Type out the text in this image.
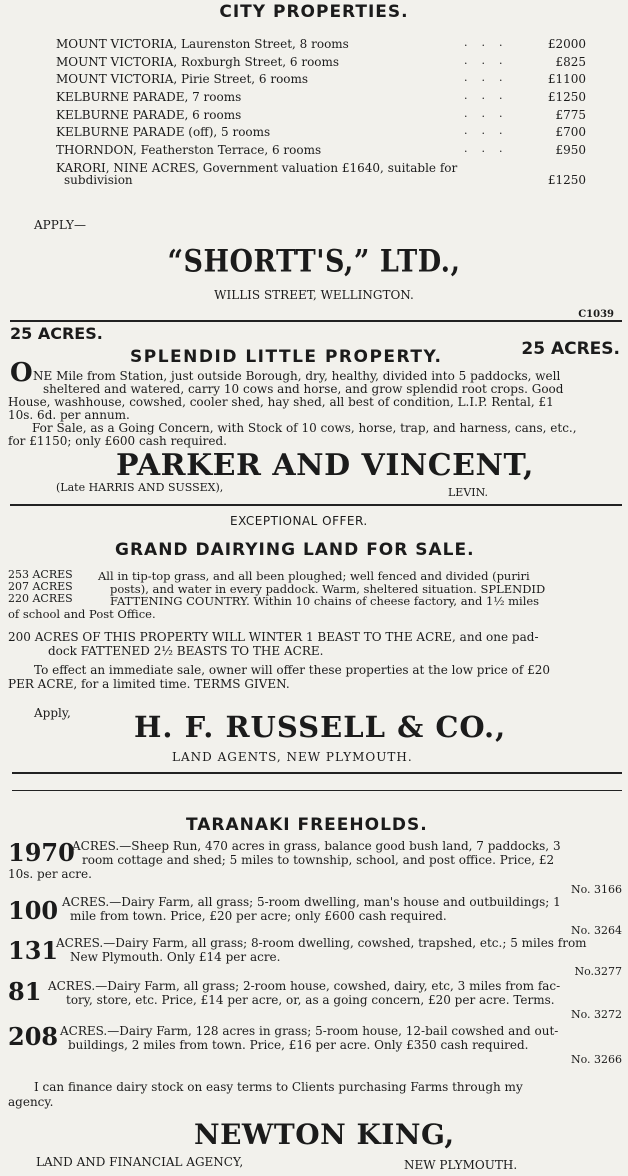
CITY PROPERTIES.
MOUNT VICTORIA, Laurenston Street, 8 rooms	...	£2000
MOUNT VICTORIA, Roxburgh Street, 6 rooms	...	£825
MOUNT VICTORIA, Pirie Street, 6 rooms	...	£1100
KELBURNE PARADE, 7 rooms	...	£1250
KELBURNE PARADE, 6 rooms	...	£775
KELBURNE PARADE (off), 5 rooms	...	£700
THORNDON, Featherston Terrace, 6 rooms	...	£950
KARORI, NINE ACRES, Government valuation £1640, suitable for
subdivision	£1250
APPLY—
“SHORTT'S,” LTD.,
WILLIS STREET, WELLINGTON.
C1039
25 ACRES.
25 ACRES.
SPLENDID LITTLE PROPERTY.
O NE Mile from Station, just outside Borough, dry, healthy, divided into 5 paddocks, well
sheltered and watered, carry 10 cows and horse, and grow splendid root crops. Good
House, washhouse, cowshed, cooler shed, hay shed, all best of condition, L.I.P. Rental, £1
10s. 6d. per annum.
For Sale, as a Going Concern, with Stock of 10 cows, horse, trap, and harness, cans, etc.,
for £1150; only £600 cash required.
PARKER AND VINCENT,
(Late HARRIS AND SUSSEX),	LEVIN.
EXCEPTIONAL OFFER.
GRAND DAIRYING LAND FOR SALE.
253 ACRES
207 ACRES
220 ACRES
All in tip-top grass, and all been ploughed; well fenced and divided (puriri
posts), and water in every paddock. Warm, sheltered situation. SPLENDID
FATTENING COUNTRY. Within 10 chains of cheese factory, and 1½ miles
of school and Post Office.
200 ACRES OF THIS PROPERTY WILL WINTER 1 BEAST TO THE ACRE, and one pad-
dock FATTENED 2½ BEASTS TO THE ACRE.
To effect an immediate sale, owner will offer these properties at the low price of £20
PER ACRE, for a limited time. TERMS GIVEN.
Apply, H. F. RUSSELL & CO.,
LAND AGENTS, NEW PLYMOUTH.
TARANAKI FREEHOLDS.
1970
ACRES.—Sheep Run, 470 acres in grass, balance good bush land, 7 paddocks, 3
room cottage and shed; 5 miles to township, school, and post office. Price, £2
10s. per acre.
No. 3166
100 ACRES.—Dairy Farm, all grass; 5-room dwelling, man's house and outbuildings; 1
mile from town. Price, £20 per acre; only £600 cash required.
No. 3264
131
ACRES.—Dairy Farm, all grass; 8-room dwelling, cowshed, trapshed, etc.; 5 miles from
New Plymouth. Only £14 per acre.
No.3277
81 ACRES.—Dairy Farm, all grass; 2-room house, cowshed, dairy, etc, 3 miles from fac-
tory, store, etc. Price, £14 per acre, or, as a going concern, £20 per acre. Terms.
No. 3272
208 ACRES.—Dairy Farm, 128 acres in grass; 5-room house, 12-bail cowshed and out-
buildings, 2 miles from town. Price, £16 per acre. Only £350 cash required.
No. 3266
I can finance dairy stock on easy terms to Clients purchasing Farms through my
agency.
NEWTON KING,
LAND AND FINANCIAL AGENCY,	NEW PLYMOUTH.
